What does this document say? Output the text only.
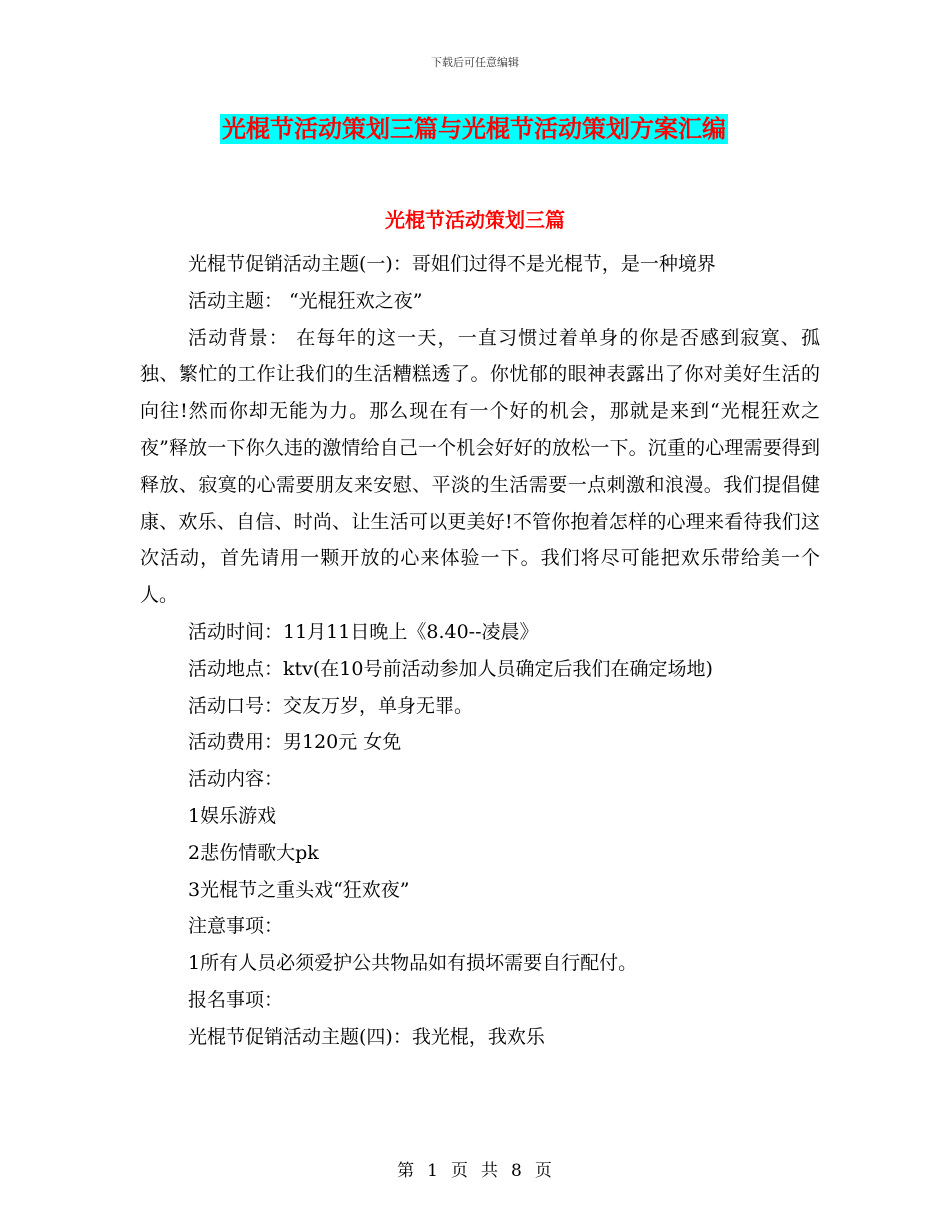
下载后可任意编辑
光棍节活动策划三篇与光棍节活动策划方案汇编
光棍节活动策划三篇

光棍节促销活动主题(一)：哥姐们过得不是光棍节，是一种境界

活动主题： “光棍狂欢之夜”

活动背景： 在每年的这一天，一直习惯过着单身的你是否感到寂寞、孤独、繁忙的工作让我们的生活糟糕透了。你忧郁的眼神表露出了你对美好生活的向往!然而你却无能为力。那么现在有一个好的机会，那就是来到“光棍狂欢之夜”释放一下你久违的激情给自己一个机会好好的放松一下。沉重的心理需要得到释放、寂寞的心需要朋友来安慰、平淡的生活需要一点刺激和浪漫。我们提倡健康、欢乐、自信、时尚、让生活可以更美好!不管你抱着怎样的心理来看待我们这次活动，首先请用一颗开放的心来体验一下。我们将尽可能把欢乐带给美一个人。

活动时间：11月11日晚上《8.40--凌晨》

活动地点：ktv(在10号前活动参加人员确定后我们在确定场地)

活动口号：交友万岁，单身无罪。

活动费用：男120元 女免

活动内容：

1娱乐游戏

2悲伤情歌大pk

3光棍节之重头戏“狂欢夜”

注意事项：

1所有人员必须爱护公共物品如有损坏需要自行配付。

报名事项：

光棍节促销活动主题(四)：我光棍，我欢乐

第 1 页 共 8 页
